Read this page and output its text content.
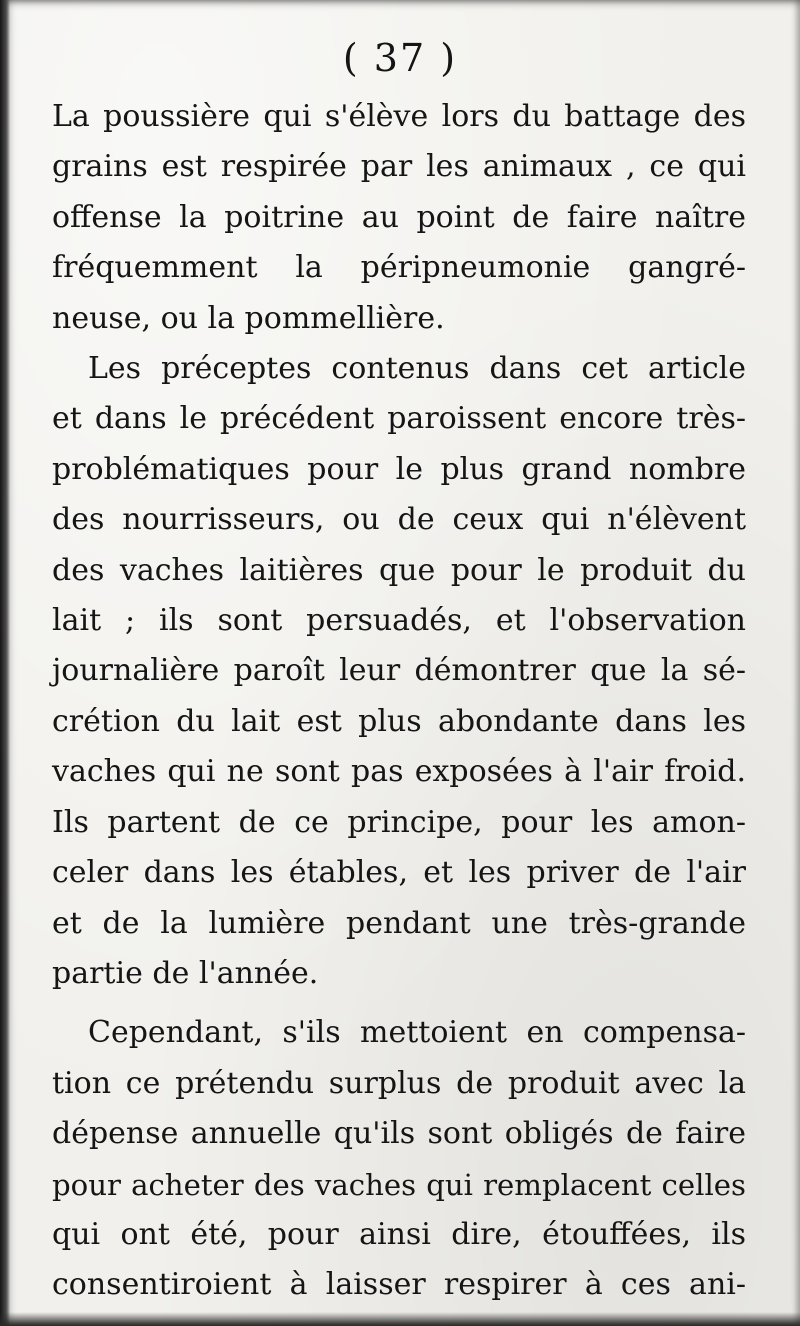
( 37 )

La poussière qui s'élève lors du battage des
grains est respirée par les animaux , ce qui
offense la poitrine au point de faire naître
fréquemment la péripneumonie gangré-
neuse, ou la pommellière.

Les préceptes contenus dans cet article
et dans le précédent paroissent encore très-
problématiques pour le plus grand nombre
des nourrisseurs, ou de ceux qui n'élèvent
des vaches laitières que pour le produit du
lait ; ils sont persuadés, et l'observation
journalière paroît leur démontrer que la sé-
crétion du lait est plus abondante dans les
vaches qui ne sont pas exposées à l'air froid.
Ils partent de ce principe, pour les amon-
celer dans les étables, et les priver de l'air
et de la lumière pendant une très-grande
partie de l'année.

Cependant, s'ils mettoient en compensa-
tion ce prétendu surplus de produit avec la
dépense annuelle qu'ils sont obligés de faire
pour acheter des vaches qui remplacent celles
qui ont été, pour ainsi dire, étouffées, ils
consentiroient à laisser respirer à ces ani-
